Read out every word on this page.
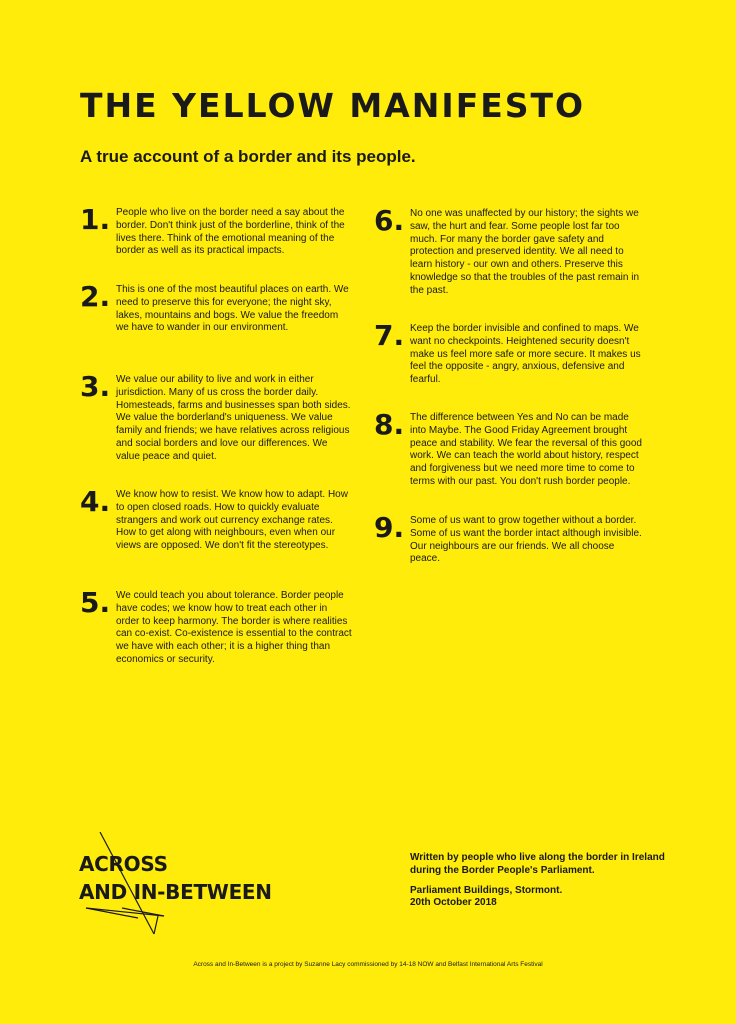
THE YELLOW MANIFESTO
A true account of a border and its people.
1. People who live on the border need a say about the border. Don't think just of the borderline, think of the lives there. Think of the emotional meaning of the border as well as its practical impacts.
2. This is one of the most beautiful places on earth. We need to preserve this for everyone; the night sky, lakes, mountains and bogs. We value the freedom we have to wander in our environment.
3. We value our ability to live and work in either jurisdiction. Many of us cross the border daily. Homesteads, farms and businesses span both sides. We value the borderland's uniqueness. We value family and friends; we have relatives across religious and social borders and love our differences. We value peace and quiet.
4. We know how to resist. We know how to adapt. How to open closed roads. How to quickly evaluate strangers and work out currency exchange rates. How to get along with neighbours, even when our views are opposed. We don't fit the stereotypes.
5. We could teach you about tolerance. Border people have codes; we know how to treat each other in order to keep harmony. The border is where realities can co-exist. Co-existence is essential to the contract we have with each other; it is a higher thing than economics or security.
6. No one was unaffected by our history; the sights we saw, the hurt and fear. Some people lost far too much. For many the border gave safety and protection and preserved identity. We all need to learn history - our own and others. Preserve this knowledge so that the troubles of the past remain in the past.
7. Keep the border invisible and confined to maps. We want no checkpoints. Heightened security doesn't make us feel more safe or more secure. It makes us feel the opposite - angry, anxious, defensive and fearful.
8. The difference between Yes and No can be made into Maybe. The Good Friday Agreement brought peace and stability. We fear the reversal of this good work. We can teach the world about history, respect and forgiveness but we need more time to come to terms with our past. You don't rush border people.
9. Some of us want to grow together without a border. Some of us want the border intact although invisible. Our neighbours are our friends. We all choose peace.
ACROSS
AND IN-BETWEEN

Written by people who live along the border in Ireland during the Border People's Parliament.

Parliament Buildings, Stormont.

20th October 2018

Across and In-Between is a project by Suzanne Lacy commissioned by 14-18 NOW and Belfast International Arts Festival
